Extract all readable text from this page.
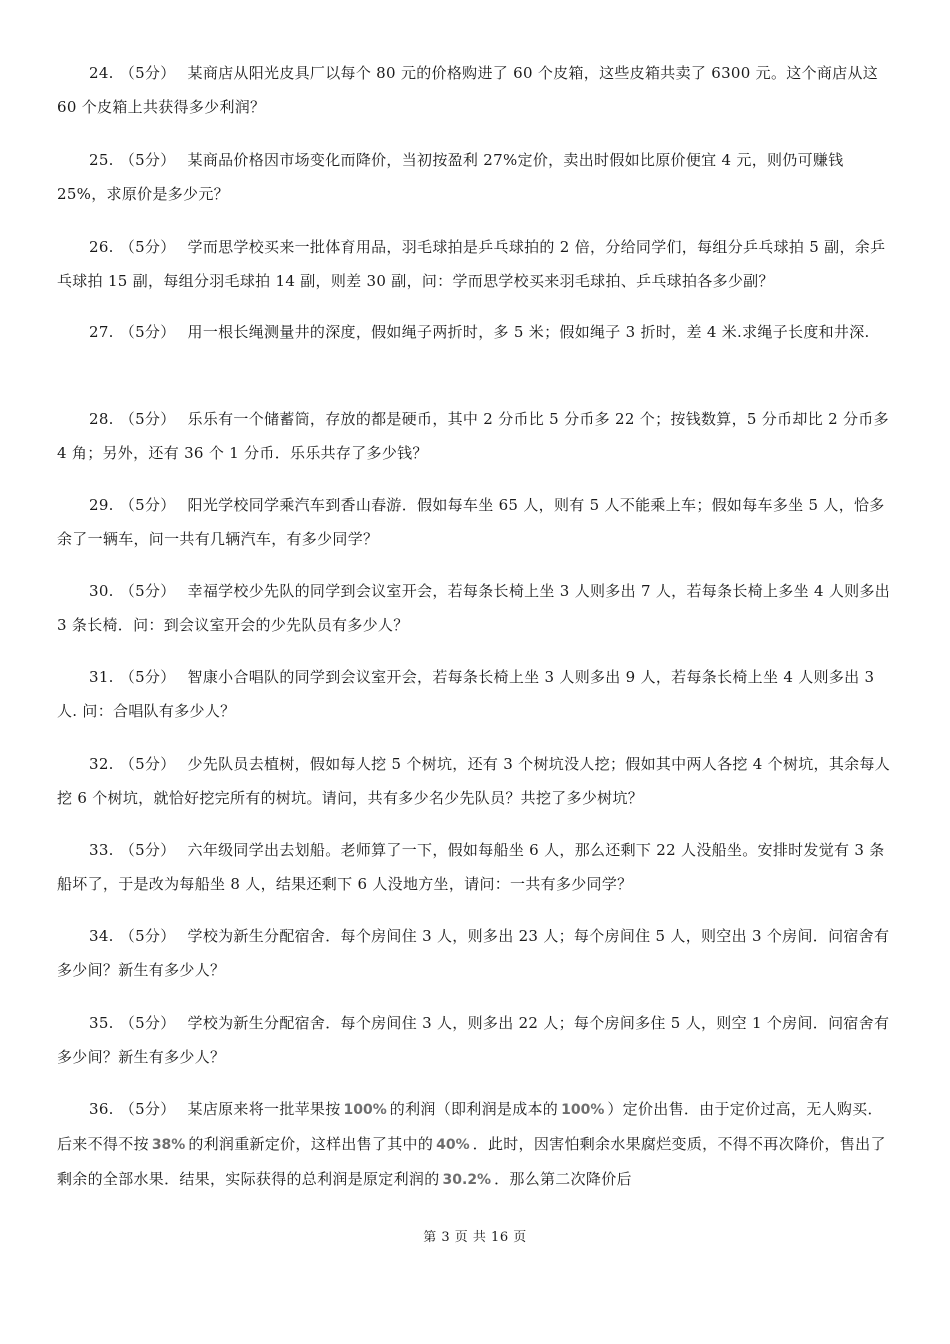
24. （5分） 某商店从阳光皮具厂以每个 80 元的价格购进了 60 个皮箱，这些皮箱共卖了 6300 元。这个商店从这 60 个皮箱上共获得多少利润？
25. （5分） 某商品价格因市场变化而降价，当初按盈利 27%定价，卖出时假如比原价便宜 4 元，则仍可赚钱 25%，求原价是多少元？
26. （5分） 学而思学校买来一批体育用品，羽毛球拍是乒乓球拍的 2 倍，分给同学们，每组分乒乓球拍 5 副，余乒乓球拍 15 副，每组分羽毛球拍 14 副，则差 30 副，问：学而思学校买来羽毛球拍、乒乓球拍各多少副？
27. （5分） 用一根长绳测量井的深度，假如绳子两折时，多 5 米；假如绳子 3 折时，差 4 米.求绳子长度和井深.
28. （5分） 乐乐有一个储蓄筒，存放的都是硬币，其中 2 分币比 5 分币多 22 个；按钱数算，5 分币却比 2 分币多 4 角；另外，还有 36 个 1 分币．乐乐共存了多少钱？
29. （5分） 阳光学校同学乘汽车到香山春游．假如每车坐 65 人，则有 5 人不能乘上车；假如每车多坐 5 人，恰多余了一辆车，问一共有几辆汽车，有多少同学？
30. （5分） 幸福学校少先队的同学到会议室开会，若每条长椅上坐 3 人则多出 7 人，若每条长椅上多坐 4 人则多出 3 条长椅．问：到会议室开会的少先队员有多少人？
31. （5分） 智康小合唱队的同学到会议室开会，若每条长椅上坐 3 人则多出 9 人，若每条长椅上坐 4 人则多出 3 人. 问：合唱队有多少人？
32. （5分） 少先队员去植树，假如每人挖 5 个树坑，还有 3 个树坑没人挖；假如其中两人各挖 4 个树坑，其余每人挖 6 个树坑，就恰好挖完所有的树坑。请问，共有多少名少先队员？共挖了多少树坑？
33. （5分） 六年级同学出去划船。老师算了一下，假如每船坐 6 人，那么还剩下 22 人没船坐。安排时发觉有 3 条船坏了，于是改为每船坐 8 人，结果还剩下 6 人没地方坐，请问：一共有多少同学？
34. （5分） 学校为新生分配宿舍．每个房间住 3 人，则多出 23 人；每个房间住 5 人，则空出 3 个房间．问宿舍有多少间？新生有多少人？
35. （5分） 学校为新生分配宿舍．每个房间住 3 人，则多出 22 人；每个房间多住 5 人，则空 1 个房间．问宿舍有多少间？新生有多少人？
36. （5分） 某店原来将一批苹果按 100% 的利润（即利润是成本的 100% ）定价出售．由于定价过高，无人购买．后来不得不按 38% 的利润重新定价，这样出售了其中的 40% ．此时，因害怕剩余水果腐烂变质，不得不再次降价，售出了剩余的全部水果．结果，实际获得的总利润是原定利润的 30.2% ．那么第二次降价后
第 3 页 共 16 页
